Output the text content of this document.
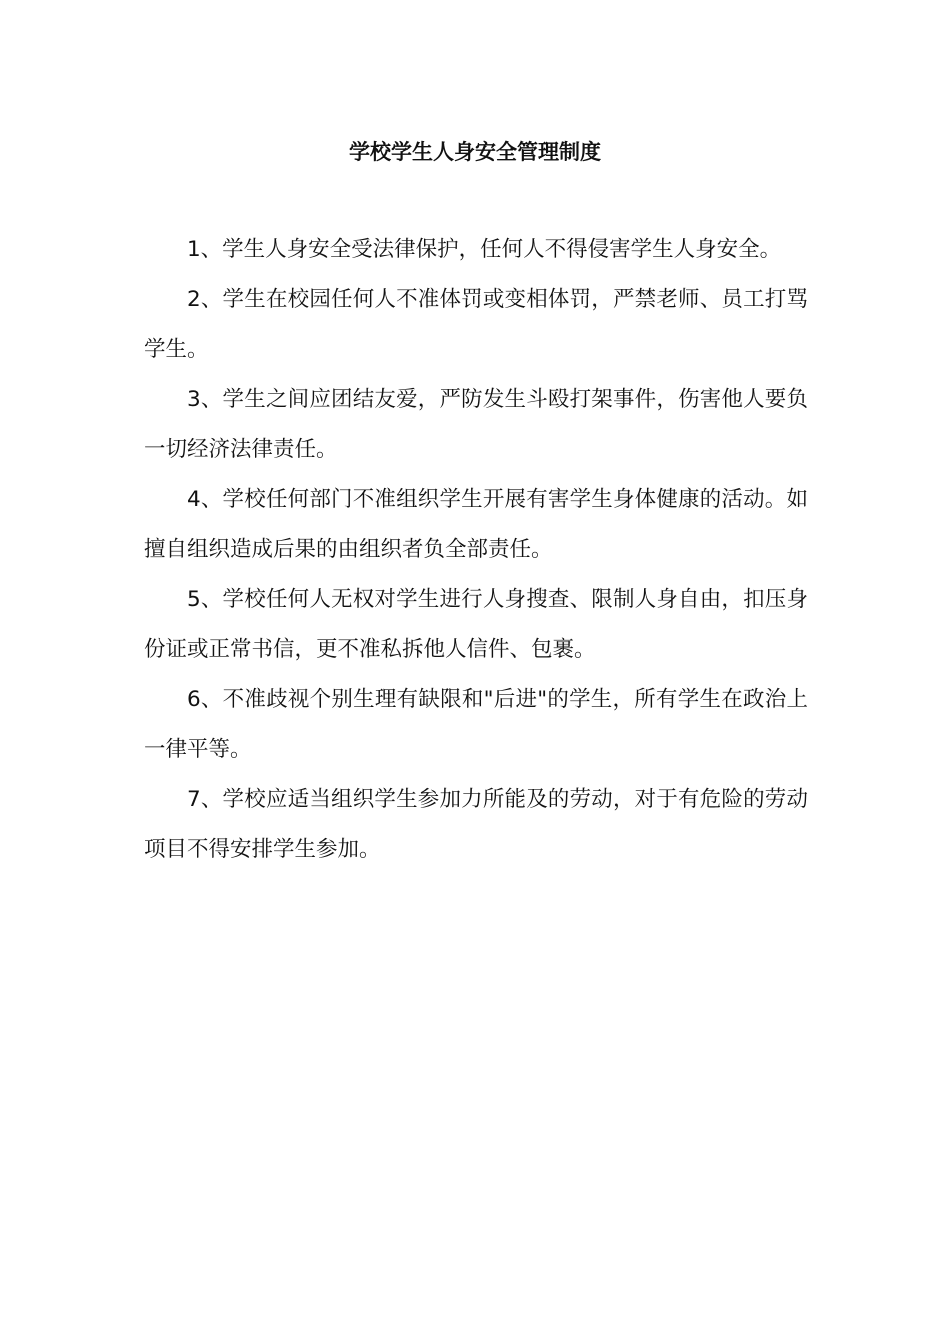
学校学生人身安全管理制度

1、学生人身安全受法律保护，任何人不得侵害学生人身安全。

2、学生在校园任何人不准体罚或变相体罚，严禁老师、员工打骂学生。

3、学生之间应团结友爱，严防发生斗殴打架事件，伤害他人要负一切经济法律责任。

4、学校任何部门不准组织学生开展有害学生身体健康的活动。如擅自组织造成后果的由组织者负全部责任。

5、学校任何人无权对学生进行人身搜查、限制人身自由，扣压身份证或正常书信，更不准私拆他人信件、包裹。

6、不准歧视个别生理有缺限和"后进"的学生，所有学生在政治上一律平等。

7、学校应适当组织学生参加力所能及的劳动，对于有危险的劳动项目不得安排学生参加。
